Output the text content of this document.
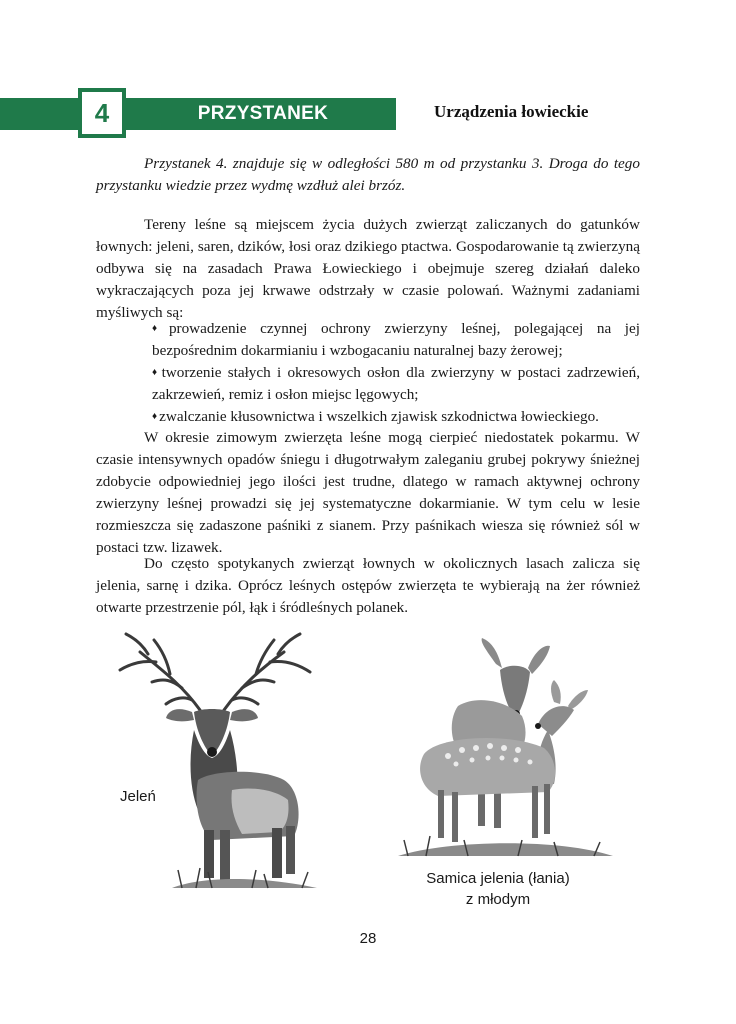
PRZYSTANEK
4	Urządzenia łowieckie

Przystanek 4. znajduje się w odległości 580 m od przystanku 3. Droga do tego przystanku wiedzie przez wydmę wzdłuż alei brzóz.

Tereny leśne są miejscem życia dużych zwierząt zaliczanych do gatunków łownych: jeleni, saren, dzików, łosi oraz dzikiego ptactwa. Gospodarowanie tą zwierzyną odbywa się na zasadach Prawa Łowieckiego i obejmuje szereg działań daleko wykraczających poza jej krwawe odstrzały w czasie polowań. Ważnymi zadaniami myśliwych są:

♦ prowadzenie czynnej ochrony zwierzyny leśnej, polegającej na jej bezpośrednim dokarmianiu i wzbogacaniu naturalnej bazy żerowej;
♦ tworzenie stałych i okresowych osłon dla zwierzyny w postaci zadrzewień, zakrzewień, remiz i osłon miejsc lęgowych;
♦ zwalczanie kłusownictwa i wszelkich zjawisk szkodnictwa łowieckiego.

W okresie zimowym zwierzęta leśne mogą cierpieć niedostatek pokarmu. W czasie intensywnych opadów śniegu i długotrwałym zaleganiu grubej pokrywy śnieżnej zdobycie odpowiedniej jego ilości jest trudne, dlatego w ramach aktywnej ochrony zwierzyny leśnej prowadzi się jej systematyczne dokarmianie. W tym celu w lesie rozmieszcza się zadaszone paśniki z sianem. Przy paśnikach wiesza się również sól w postaci tzw. lizawek.

Do często spotykanych zwierząt łownych w okolicznych lasach zalicza się jelenia, sarnę i dzika. Oprócz leśnych ostępów zwierzęta te wybierają na żer również otwarte przestrzenie pól, łąk i śródleśnych polanek.

Jeleń
Samica jelenia (łania)
z młodym
28
